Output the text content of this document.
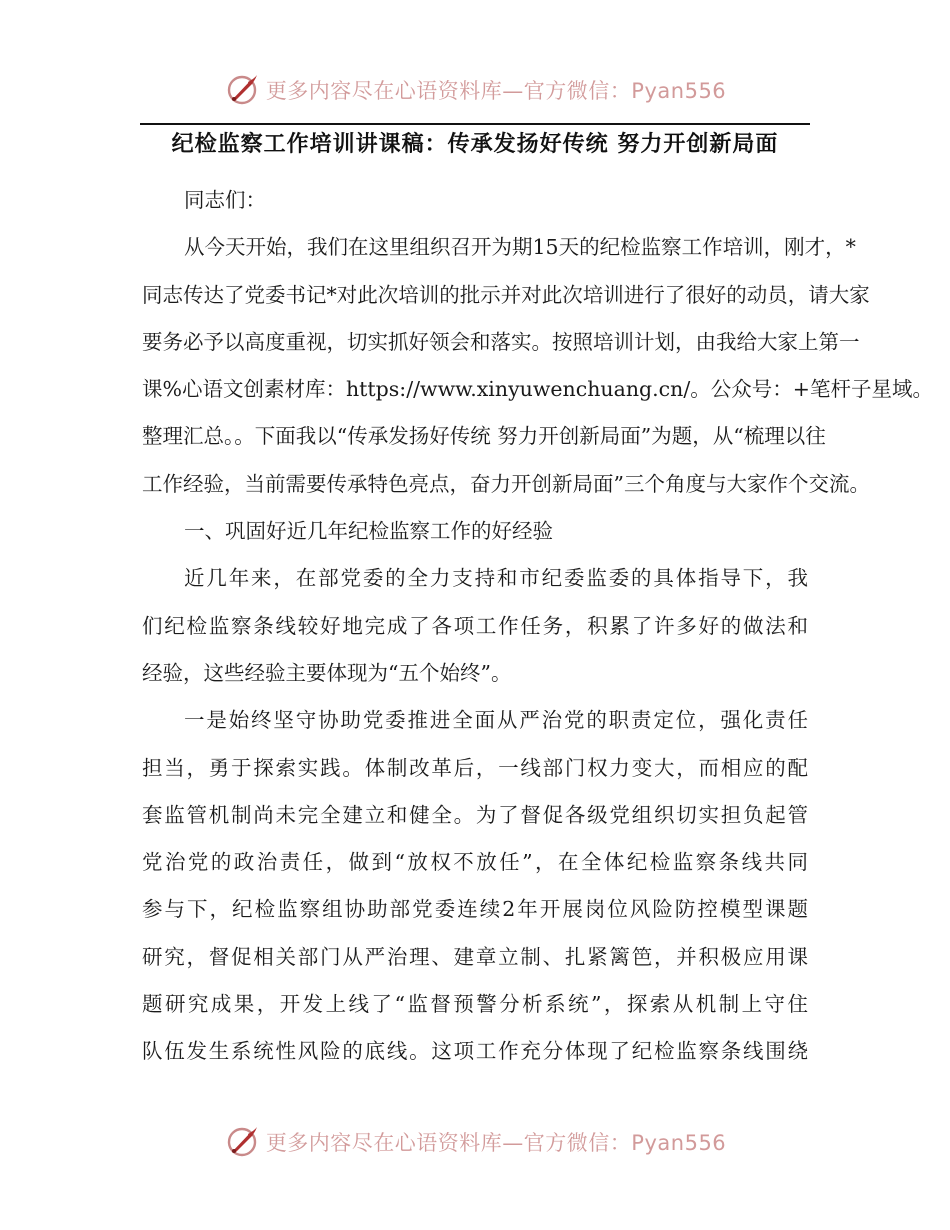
更多内容尽在心语资料库—官方微信：Pyan556
纪检监察工作培训讲课稿：传承发扬好传统 努力开创新局面
同志们：
从今天开始，我们在这里组织召开为期15天的纪检监察工作培训，刚才，*
同志传达了党委书记*对此次培训的批示并对此次培训进行了很好的动员，请大家
要务必予以高度重视，切实抓好领会和落实。按照培训计划，由我给大家上第一
课%心语文创素材库：https://www.xinyuwenchuang.cn/。公众号：+笔杆子星域。
整理汇总。。下面我以“传承发扬好传统 努力开创新局面”为题，从“梳理以往
工作经验，当前需要传承特色亮点，奋力开创新局面”三个角度与大家作个交流。
一、巩固好近几年纪检监察工作的好经验
近几年来，在部党委的全力支持和市纪委监委的具体指导下，我
们纪检监察条线较好地完成了各项工作任务，积累了许多好的做法和
经验，这些经验主要体现为“五个始终”。
一是始终坚守协助党委推进全面从严治党的职责定位，强化责任
担当，勇于探索实践。体制改革后，一线部门权力变大，而相应的配
套监管机制尚未完全建立和健全。为了督促各级党组织切实担负起管
党治党的政治责任，做到“放权不放任”，在全体纪检监察条线共同
参与下，纪检监察组协助部党委连续2年开展岗位风险防控模型课题
研究，督促相关部门从严治理、建章立制、扎紧篱笆，并积极应用课
题研究成果，开发上线了“监督预警分析系统”，探索从机制上守住
队伍发生系统性风险的底线。这项工作充分体现了纪检监察条线围绕
更多内容尽在心语资料库—官方微信：Pyan556
